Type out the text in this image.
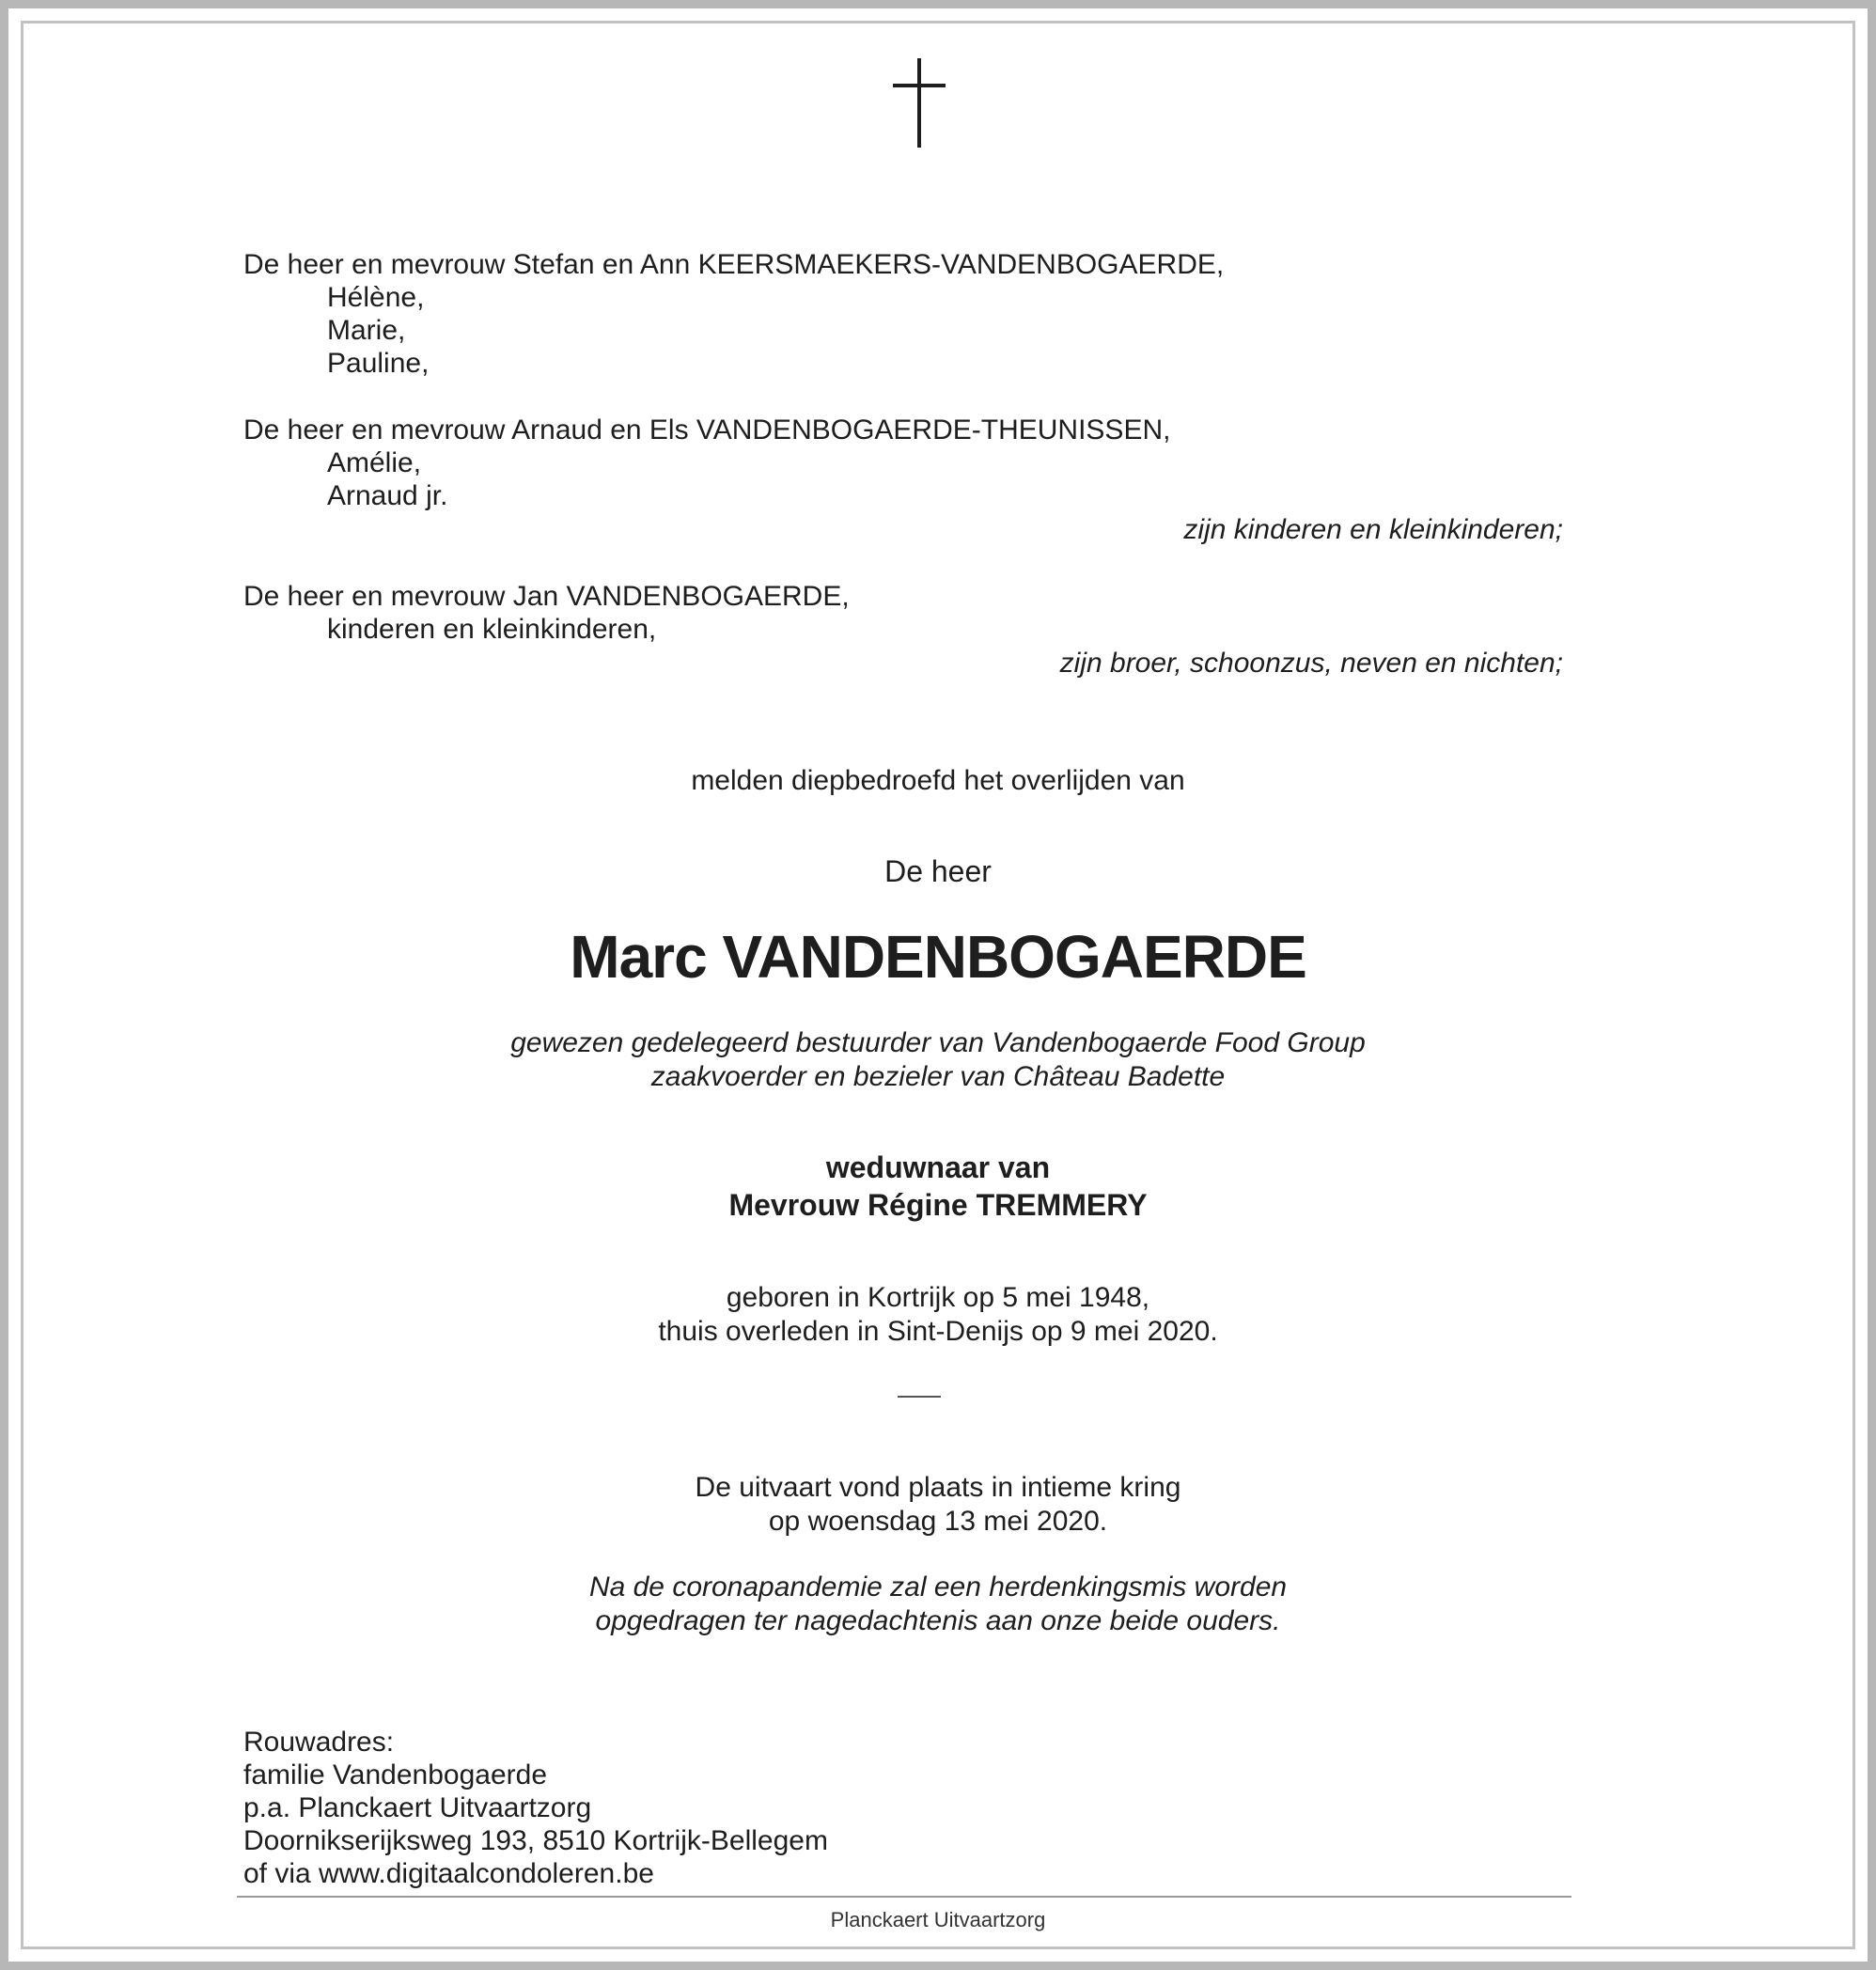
De heer en mevrouw Stefan en Ann KEERSMAEKERS-VANDENBOGAERDE,
Hélène,
Marie,
Pauline,
De heer en mevrouw Arnaud en Els VANDENBOGAERDE-THEUNISSEN,
Amélie,
Arnaud jr.
zijn kinderen en kleinkinderen;
De heer en mevrouw Jan VANDENBOGAERDE,
kinderen en kleinkinderen,
zijn broer, schoonzus, neven en nichten;
melden diepbedroefd het overlijden van
De heer
Marc VANDENBOGAERDE
gewezen gedelegeerd bestuurder van Vandenbogaerde Food Group
zaakvoerder en bezieler van Château Badette
weduwnaar van
Mevrouw Régine TREMMERY
geboren in Kortrijk op 5 mei 1948,
thuis overleden in Sint-Denijs op 9 mei 2020.
De uitvaart vond plaats in intieme kring
op woensdag 13 mei 2020.
Na de coronapandemie zal een herdenkingsmis worden
opgedragen ter nagedachtenis aan onze beide ouders.
Rouwadres:
familie Vandenbogaerde
p.a. Planckaert Uitvaartzorg
Doornikserijksweg 193, 8510 Kortrijk-Bellegem
of via www.digitaalcondoleren.be
Planckaert Uitvaartzorg
